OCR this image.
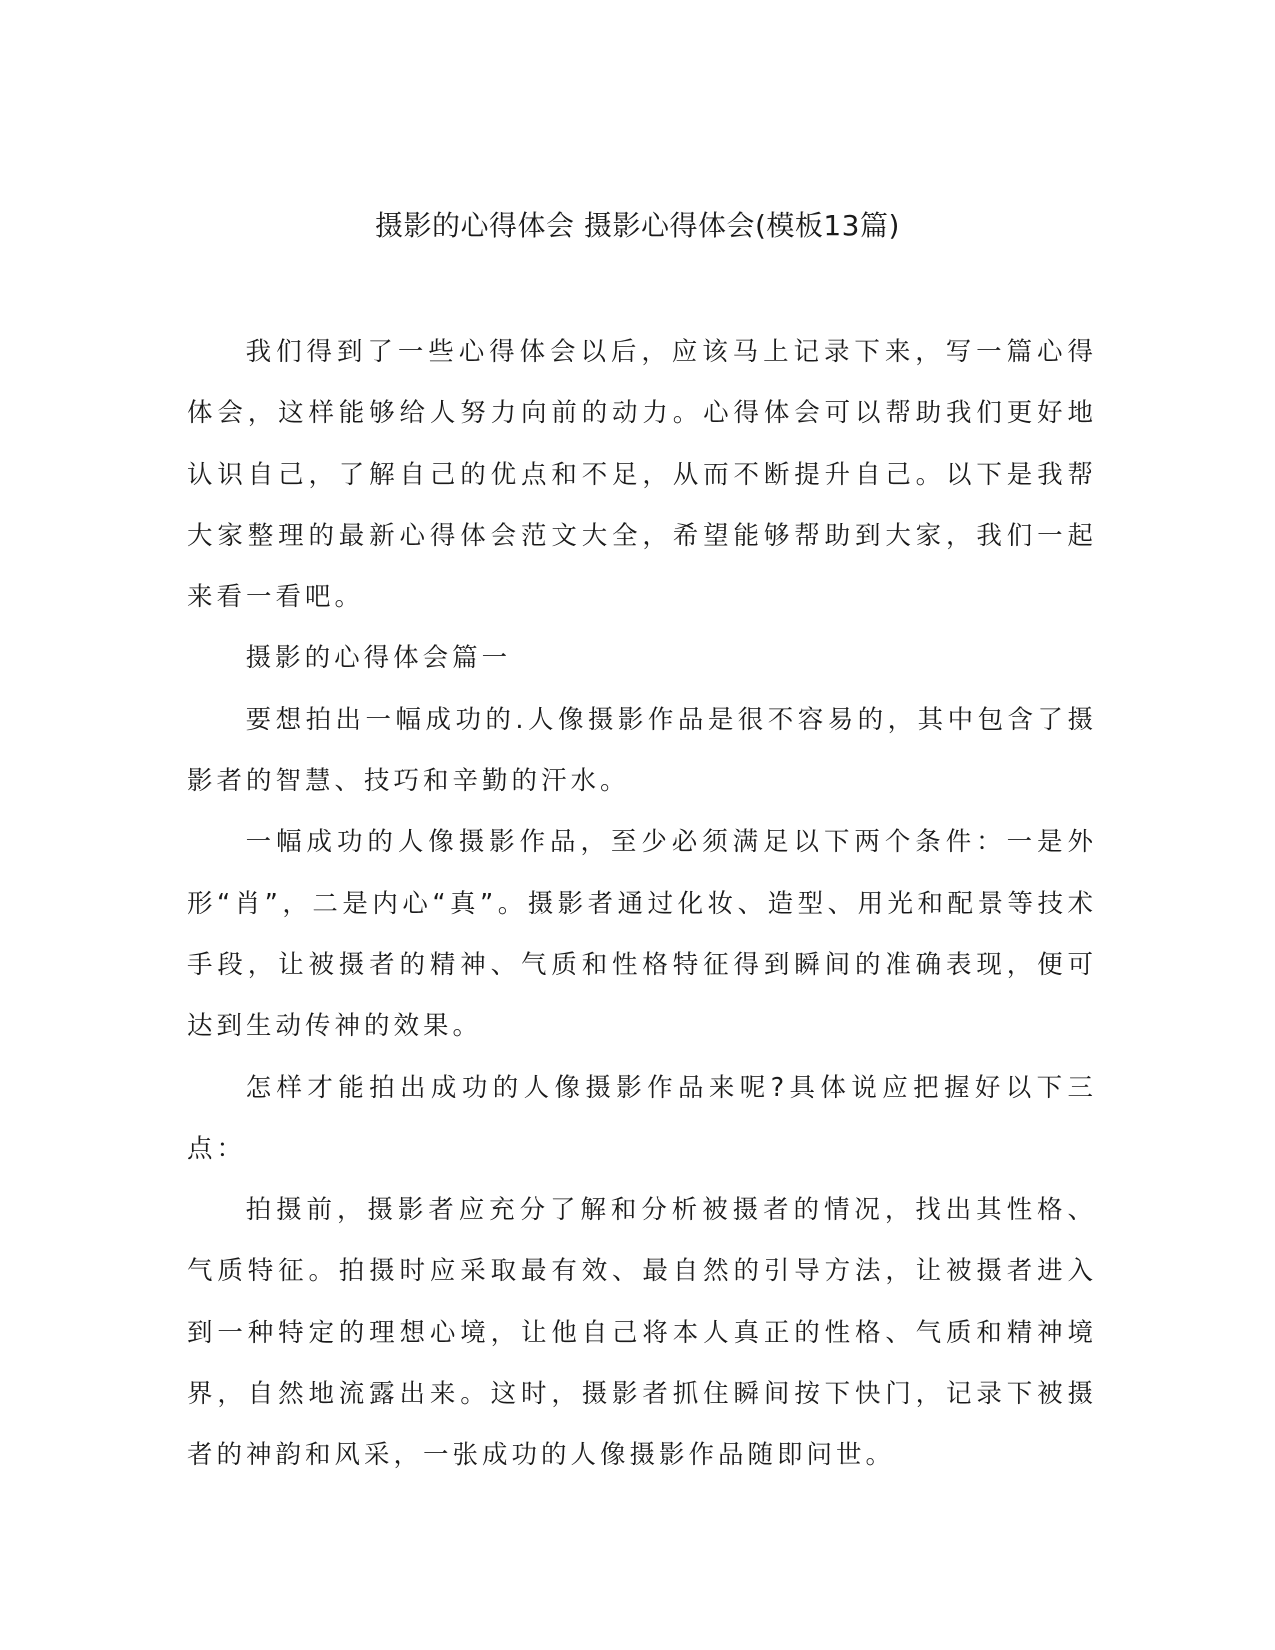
摄影的心得体会 摄影心得体会(模板13篇)

我们得到了一些心得体会以后，应该马上记录下来，写一篇心得体会，这样能够给人努力向前的动力。心得体会可以帮助我们更好地认识自己，了解自己的优点和不足，从而不断提升自己。以下是我帮大家整理的最新心得体会范文大全，希望能够帮助到大家，我们一起来看一看吧。

摄影的心得体会篇一

要想拍出一幅成功的.人像摄影作品是很不容易的，其中包含了摄影者的智慧、技巧和辛勤的汗水。

一幅成功的人像摄影作品，至少必须满足以下两个条件：一是外形“肖”，二是内心“真”。摄影者通过化妆、造型、用光和配景等技术手段，让被摄者的精神、气质和性格特征得到瞬间的准确表现，便可达到生动传神的效果。

怎样才能拍出成功的人像摄影作品来呢?具体说应把握好以下三点：

拍摄前，摄影者应充分了解和分析被摄者的情况，找出其性格、气质特征。拍摄时应采取最有效、最自然的引导方法，让被摄者进入到一种特定的理想心境，让他自己将本人真正的性格、气质和精神境界，自然地流露出来。这时，摄影者抓住瞬间按下快门，记录下被摄者的神韵和风采，一张成功的人像摄影作品随即问世。
